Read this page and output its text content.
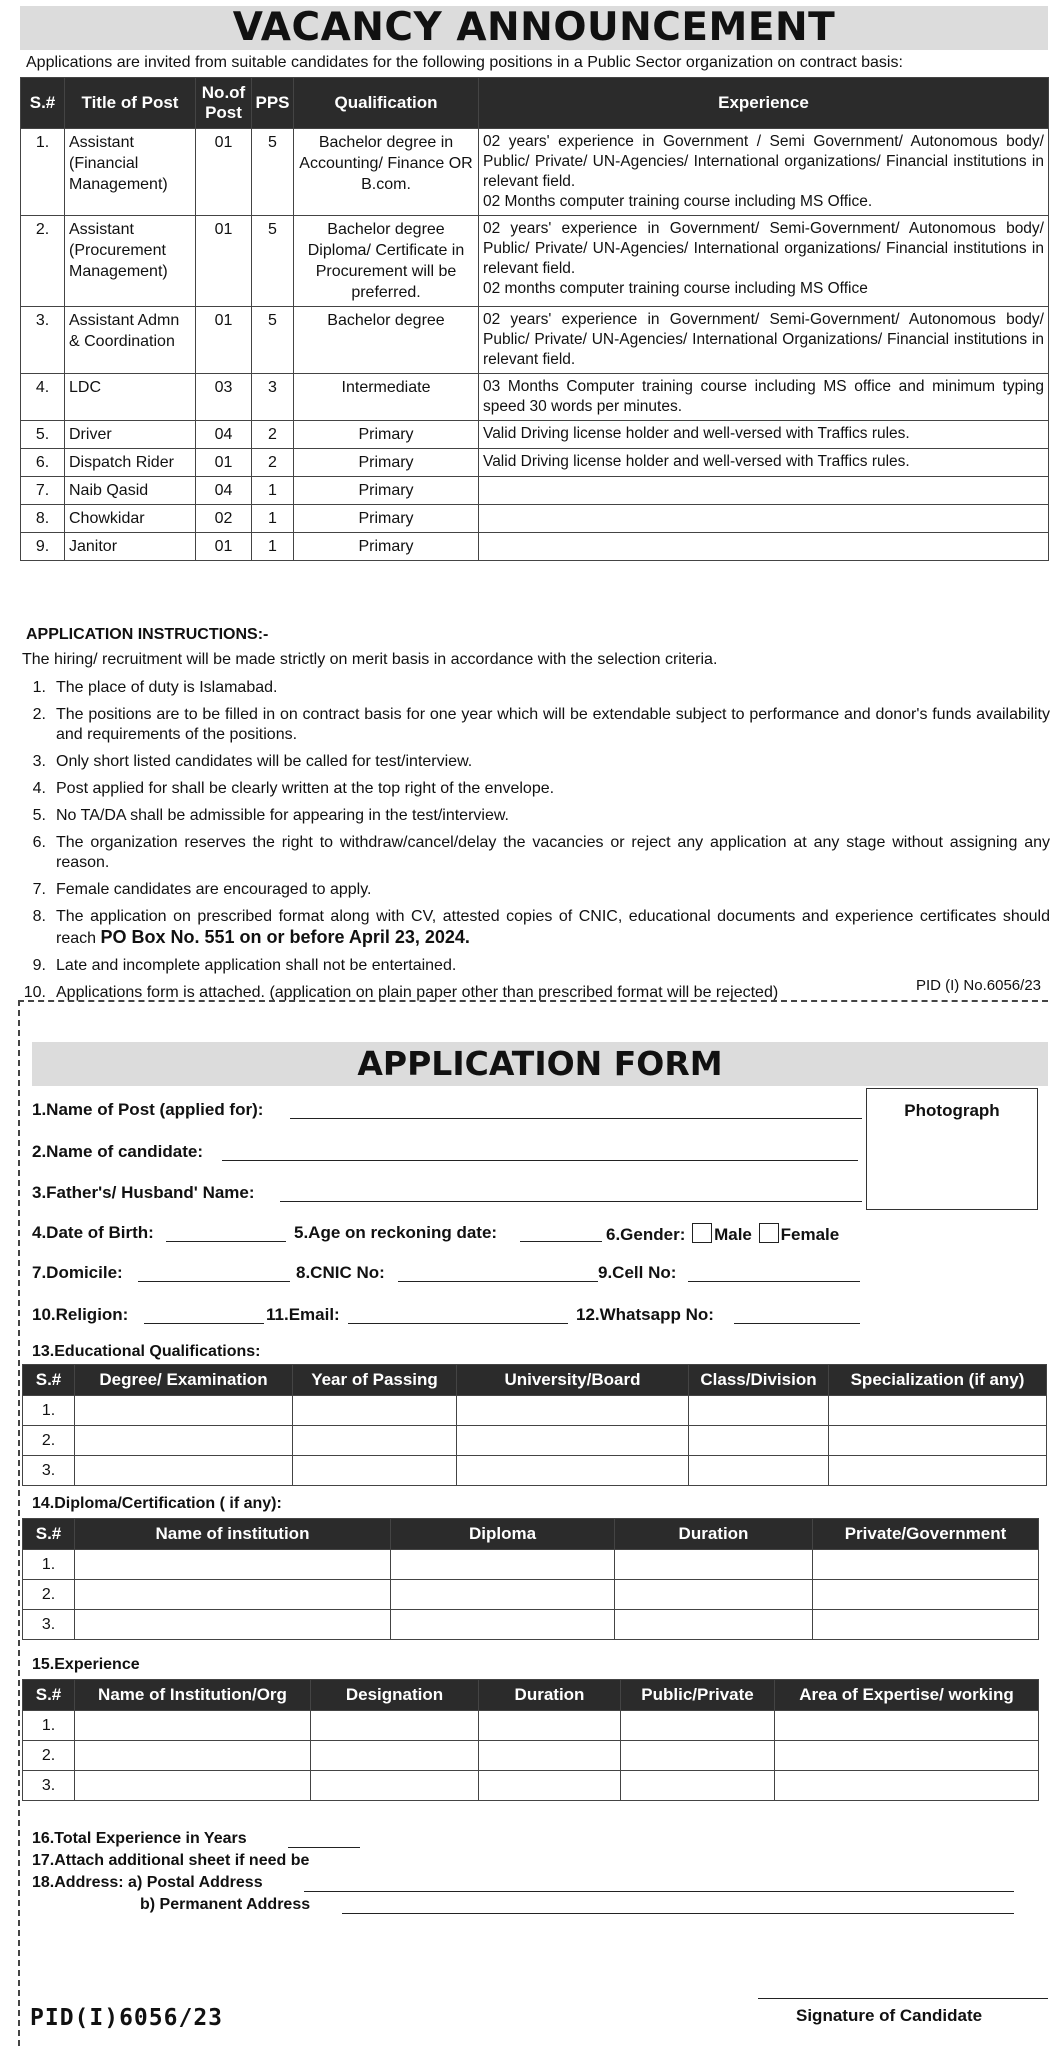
VACANCY ANNOUNCEMENT
Applications are invited from suitable candidates for the following positions in a Public Sector organization on contract basis:
S.#	Title of Post	No.of Post	PPS	Qualification	Experience
1.	Assistant (Financial Management)	01	5	Bachelor degree in Accounting/ Finance OR B.com.	02 years' experience in Government / Semi Government/ Autonomous body/ Public/ Private/ UN-Agencies/ International organizations/ Financial institutions in relevant field.
02 Months computer training course including MS Office.
2.	Assistant (Procurement Management)	01	5	Bachelor degree Diploma/ Certificate in Procurement will be preferred.	02 years' experience in Government/ Semi-Government/ Autonomous body/ Public/ Private/ UN-Agencies/ International organizations/ Financial institutions in relevant field.
02 months computer training course including MS Office
3.	Assistant Admn & Coordination	01	5	Bachelor degree	02 years' experience in Government/ Semi-Government/ Autonomous body/ Public/ Private/ UN-Agencies/ International Organizations/ Financial institutions in relevant field.
4.	LDC	03	3	Intermediate	03 Months Computer training course including MS office and minimum typing speed 30 words per minutes.
5.	Driver	04	2	Primary	Valid Driving license holder and well-versed with Traffics rules.
6.	Dispatch Rider	01	2	Primary	Valid Driving license holder and well-versed with Traffics rules.
7.	Naib Qasid	04	1	Primary	
8.	Chowkidar	02	1	Primary	
9.	Janitor	01	1	Primary	
APPLICATION INSTRUCTIONS:-
The hiring/ recruitment will be made strictly on merit basis in accordance with the selection criteria.
1. The place of duty is Islamabad.
2. The positions are to be filled in on contract basis for one year which will be extendable subject to performance and donor's funds availability and requirements of the positions.
3. Only short listed candidates will be called for test/interview.
4. Post applied for shall be clearly written at the top right of the envelope.
5. No TA/DA shall be admissible for appearing in the test/interview.
6. The organization reserves the right to withdraw/cancel/delay the vacancies or reject any application at any stage without assigning any reason.
7. Female candidates are encouraged to apply.
8. The application on prescribed format along with CV, attested copies of CNIC, educational documents and experience certificates should reach PO Box No. 551 on or before April 23, 2024.
9. Late and incomplete application shall not be entertained.
10. Applications form is attached. (application on plain paper other than prescribed format will be rejected)	PID (I) No.6056/23
APPLICATION FORM
Photograph
1.Name of Post (applied for):
2.Name of candidate:
3.Father's/ Husband' Name:
4.Date of Birth:	5.Age on reckoning date:	6.Gender: Male Female
7.Domicile:	8.CNIC No:	9.Cell No:
10.Religion:	11.Email:	12.Whatsapp No:
13.Educational Qualifications:
S.#	Degree/ Examination	Year of Passing	University/Board	Class/Division	Specialization (if any)
1.					
2.					
3.					
14.Diploma/Certification ( if any):
S.#	Name of institution	Diploma	Duration	Private/Government
1.				
2.				
3.				
15.Experience
S.#	Name of Institution/Org	Designation	Duration	Public/Private	Area of Expertise/ working
1.					
2.					
3.					
16.Total Experience in Years
17.Attach additional sheet if need be
18.Address: a) Postal Address
b) Permanent Address
PID(I)6056/23	Signature of Candidate
